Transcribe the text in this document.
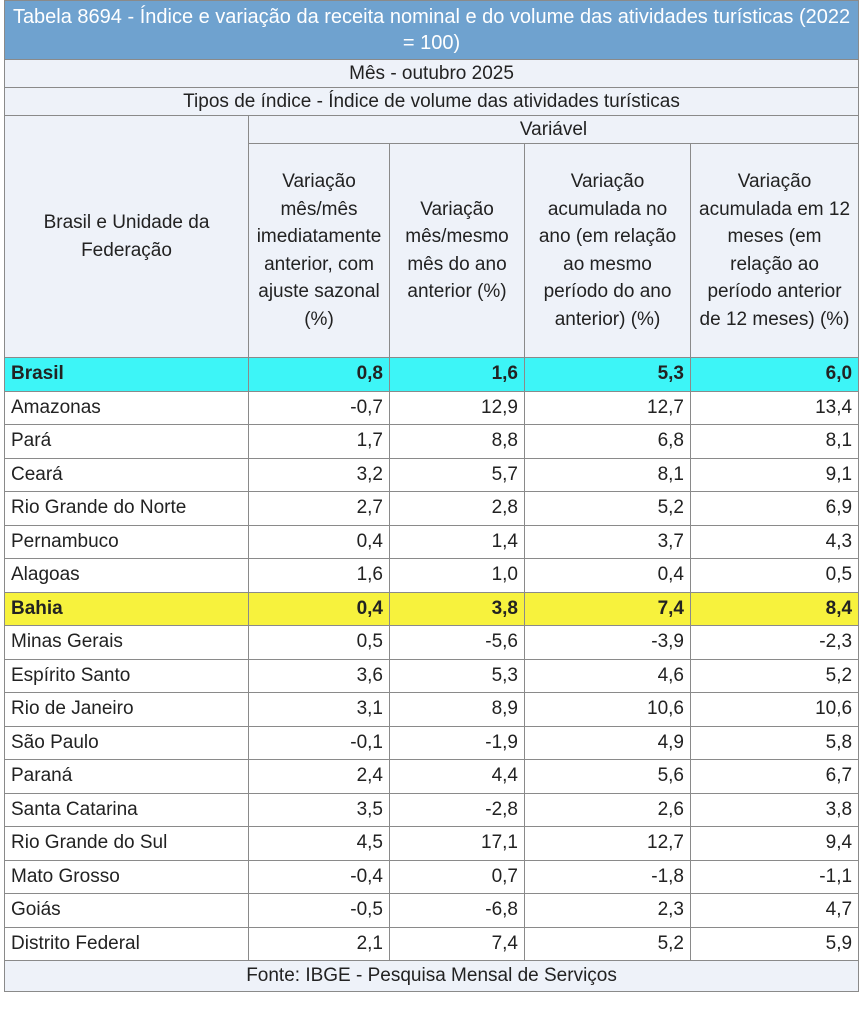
Tabela 8694 - Índice e variação da receita nominal e do volume das atividades turísticas (2022 = 100)				
Mês - outubro 2025				
Tipos de índice - Índice de volume das atividades turísticas				
Brasil e Unidade da Federação	Variável			
	Variação mês/mês imediatamente anterior, com ajuste sazonal (%)	Variação mês/mesmo mês do ano anterior (%)	Variação acumulada no ano (em relação ao mesmo período do ano anterior) (%)	Variação acumulada em 12 meses (em relação ao período anterior de 12 meses) (%)
Brasil	0,8	1,6	5,3	6,0
Amazonas	-0,7	12,9	12,7	13,4
Pará	1,7	8,8	6,8	8,1
Ceará	3,2	5,7	8,1	9,1
Rio Grande do Norte	2,7	2,8	5,2	6,9
Pernambuco	0,4	1,4	3,7	4,3
Alagoas	1,6	1,0	0,4	0,5
Bahia	0,4	3,8	7,4	8,4
Minas Gerais	0,5	-5,6	-3,9	-2,3
Espírito Santo	3,6	5,3	4,6	5,2
Rio de Janeiro	3,1	8,9	10,6	10,6
São Paulo	-0,1	-1,9	4,9	5,8
Paraná	2,4	4,4	5,6	6,7
Santa Catarina	3,5	-2,8	2,6	3,8
Rio Grande do Sul	4,5	17,1	12,7	9,4
Mato Grosso	-0,4	0,7	-1,8	-1,1
Goiás	-0,5	-6,8	2,3	4,7
Distrito Federal	2,1	7,4	5,2	5,9
Fonte: IBGE - Pesquisa Mensal de Serviços				
